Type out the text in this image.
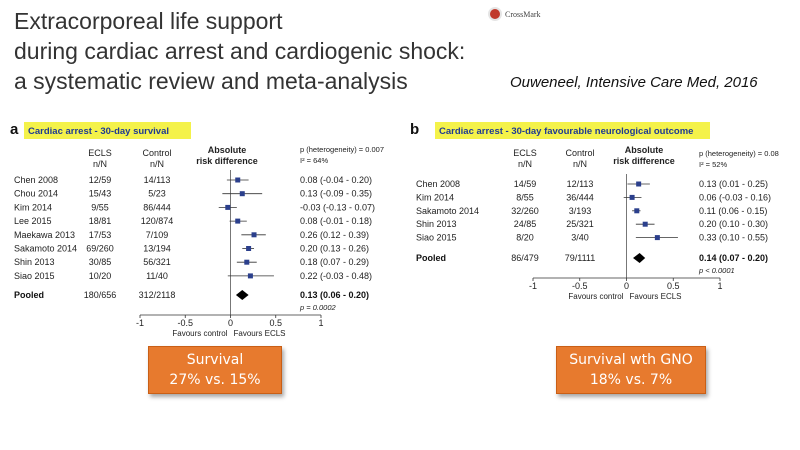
Extracorporeal life support
during cardiac arrest and cardiogenic shock:
a systematic review and meta-analysis
CrossMark
Ouweneel, Intensive Care Med, 2016
a Cardiac arrest - 30-day survival
ECLS
n/N
Control
n/N
Absolute
risk difference
p (heterogeneity) = 0.007
I² = 64%
Chen 2008	12/59	14/113	0.08 (-0.04 - 0.20)
Chou 2014	15/43	5/23	0.13 (-0.09 - 0.35)
Kim 2014	9/55	86/444	-0.03 (-0.13 - 0.07)
Lee 2015	18/81	120/874	0.08 (-0.01 - 0.18)
Maekawa 2013 17/53	7/109	0.26 (0.12 - 0.39)
Sakamoto 2014 69/260	13/194	0.20 (0.13 - 0.26)
Shin 2013	30/85	56/321	0.18 (0.07 - 0.29)
Siao 2015	10/20	11/40	0.22 (-0.03 - 0.48)
Pooled	180/656 312/2118	0.13 (0.06 - 0.20)
p = 0.0002
-1	-0.5	0	0.5	1
Favours control Favours ECLS
b Cardiac arrest - 30-day favourable neurological outcome
ECLS
n/N
Control
n/N
Absolute
risk difference
p (heterogeneity) = 0.08
I² = 52%
Chen 2008	14/59	12/113	0.13 (0.01 - 0.25)
Kim 2014	8/55	36/444	0.06 (-0.03 - 0.16)
Sakamoto 2014	32/260	3/193	0.11 (0.06 - 0.15)
Shin 2013	24/85	25/321	0.20 (0.10 - 0.30)
Siao 2015	8/20	3/40	0.33 (0.10 - 0.55)
Pooled	86/479	79/1111	0.14 (0.07 - 0.20)
p < 0.0001
-1	-0.5	0	0.5	1
Favours control Favours ECLS
Survival
27% vs. 15%
Survival wth GNO
18% vs. 7%
